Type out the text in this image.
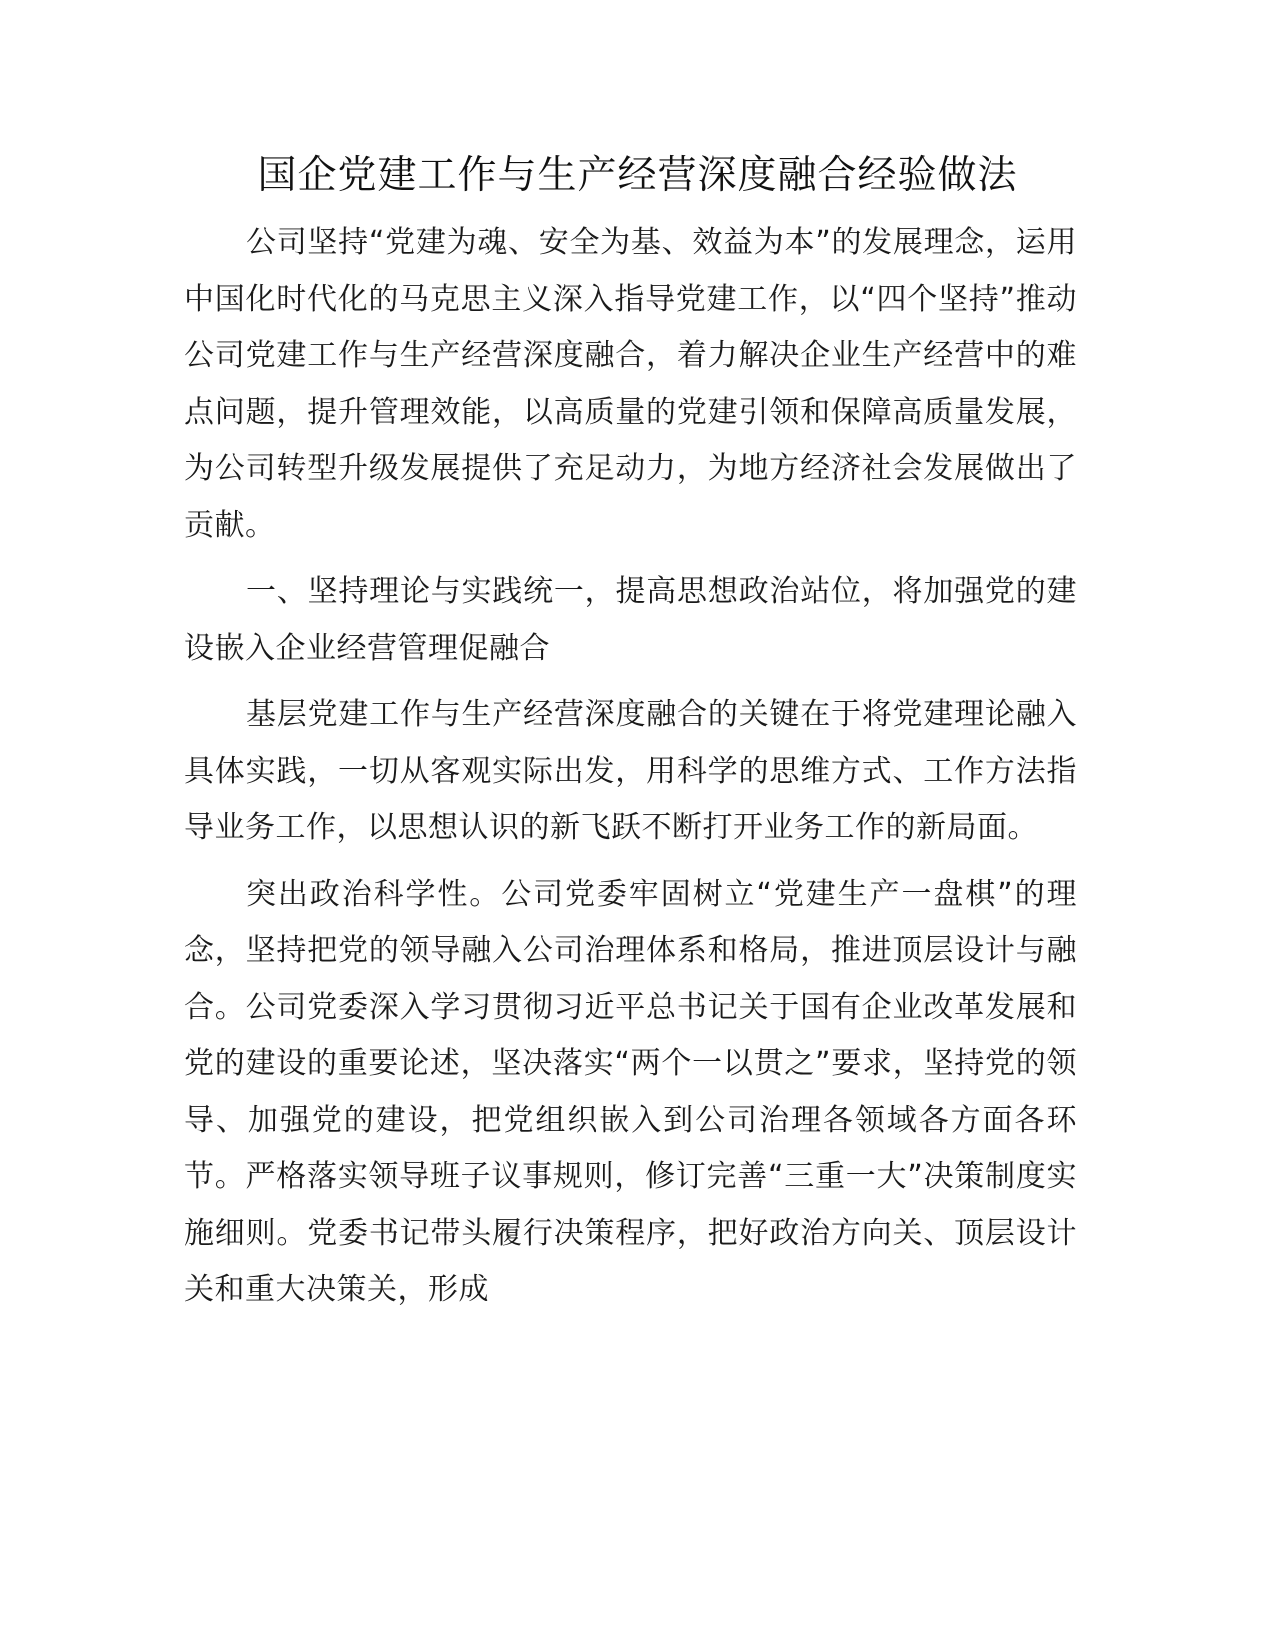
国企党建工作与生产经营深度融合经验做法

公司坚持“党建为魂、安全为基、效益为本”的发展理念，运用中国化时代化的马克思主义深入指导党建工作，以“四个坚持”推动公司党建工作与生产经营深度融合，着力解决企业生产经营中的难点问题，提升管理效能，以高质量的党建引领和保障高质量发展，为公司转型升级发展提供了充足动力，为地方经济社会发展做出了贡献。

一、坚持理论与实践统一，提高思想政治站位，将加强党的建设嵌入企业经营管理促融合

基层党建工作与生产经营深度融合的关键在于将党建理论融入具体实践，一切从客观实际出发，用科学的思维方式、工作方法指导业务工作，以思想认识的新飞跃不断打开业务工作的新局面。

突出政治科学性。公司党委牢固树立“党建生产一盘棋”的理念，坚持把党的领导融入公司治理体系和格局，推进顶层设计与融合。公司党委深入学习贯彻习近平总书记关于国有企业改革发展和党的建设的重要论述，坚决落实“两个一以贯之”要求，坚持党的领导、加强党的建设，把党组织嵌入到公司治理各领域各方面各环节。严格落实领导班子议事规则，修订完善“三重一大”决策制度实施细则。党委书记带头履行决策程序，把好政治方向关、顶层设计关和重大决策关，形成
